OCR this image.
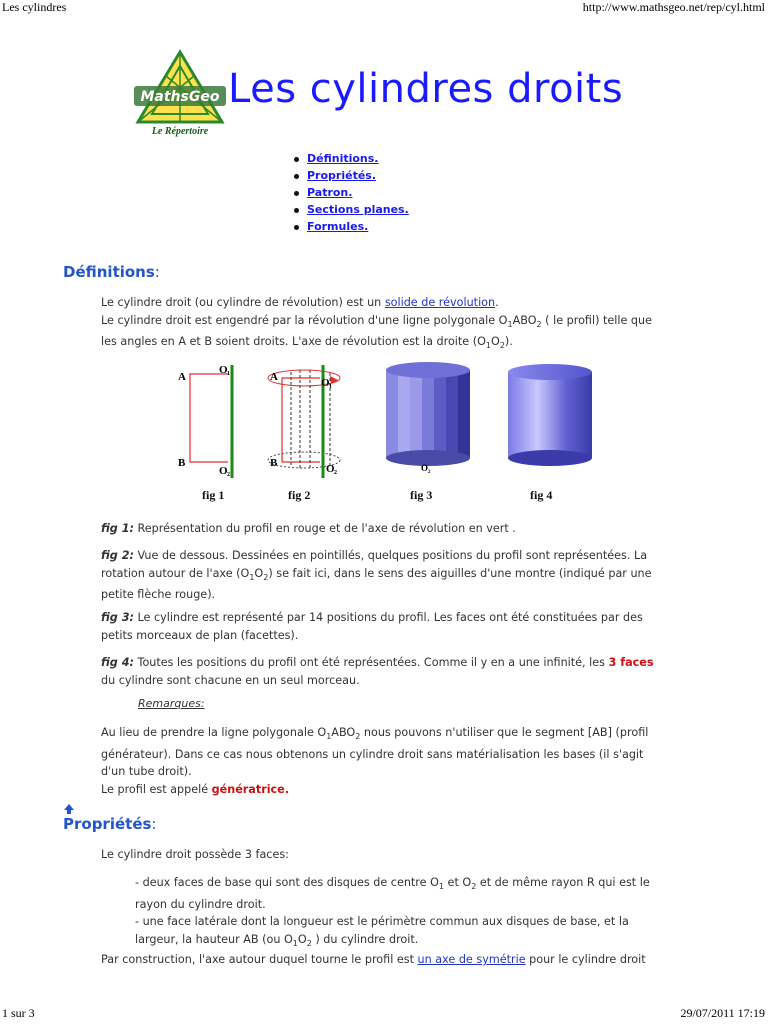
Les cylindres	http://www.mathsgeo.net/rep/cyl.html
MathsGeo
Le Répertoire
Les cylindres droits
Définitions.
Propriétés.
Patron.
Sections planes.
Formules.
Définitions:

Le cylindre droit (ou cylindre de révolution) est un solide de révolution.
Le cylindre droit est engendré par la révolution d'une ligne polygonale $O_1ABO_2$ ( le profil) telle que les angles en A et B soient droits. L'axe de révolution est la droite $(O_1O_2)$.

A
B
O 1
O 2
A
B
O 1
O 2	O 2
fig 1	fig 2	fig 3	fig 4

fig 1: Représentation du profil en rouge et de l'axe de révolution en vert .

fig 2: Vue de dessous. Dessinées en pointillés, quelques positions du profil sont représentées. La rotation autour de l'axe $(O_1O_2)$ se fait ici, dans le sens des aiguilles d'une montre (indiqué par une petite flèche rouge).

fig 3: Le cylindre est représenté par 14 positions du profil. Les faces ont été constituées par des petits morceaux de plan (facettes).

fig 4: Toutes les positions du profil ont été représentées. Comme il y en a une infinité, les 3 faces du cylindre sont chacune en un seul morceau.

Remarques:

Au lieu de prendre la ligne polygonale $O_1ABO_2$ nous pouvons n'utiliser que le segment [AB] (profil générateur). Dans ce cas nous obtenons un cylindre droit sans matérialisation les bases (il s'agit d'un tube droit).
Le profil est appelé génératrice.

Propriétés:

Le cylindre droit possède 3 faces:

- deux faces de base qui sont des disques de centre $O_1$ et $O_2$ et de même rayon R qui est le rayon du cylindre droit.
- une face latérale dont la longueur est le périmètre commun aux disques de base, et la largeur, la hauteur AB (ou $O_1O_2$ ) du cylindre droit.

Par construction, l'axe autour duquel tourne le profil est un axe de symétrie pour le cylindre droit

1 sur 3	29/07/2011 17:19
